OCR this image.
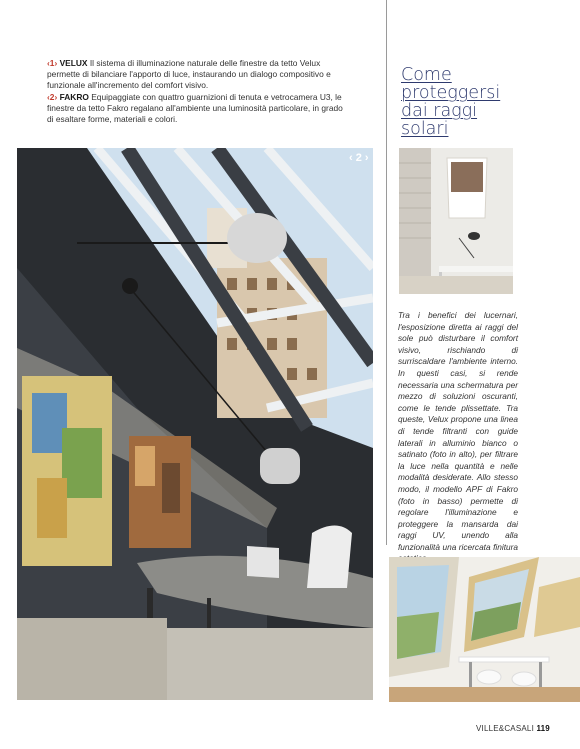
‹1› VELUX Il sistema di illuminazione naturale delle finestre da tetto Velux permette di bilanciare l'apporto di luce, instaurando un dialogo compositivo e funzionale all'incremento del comfort visivo.

‹2› FAKRO Equipaggiate con quattro guarnizioni di tenuta e vetrocamera U3, le finestre da tetto Fakro regalano all'ambiente una luminosità particolare, in grado di esaltare forme, materiali e colori.

‹ 2 ›
Come proteggersi dai raggi solari
Tra i benefici dei lucernari, l'esposizione diretta ai raggi del sole può disturbare il comfort visivo, rischiando di surriscaldare l'ambiente interno. In questi casi, si rende necessaria una schermatura per mezzo di soluzioni oscuranti, come le tende plissettate. Tra queste, Velux propone una linea di tende filtranti con guide laterali in alluminio bianco o satinato (foto in alto), per filtrare la luce nella quantità e nelle modalità desiderate. Allo stesso modo, il modello APF di Fakro (foto in basso) permette di regolare l'illuminazione e proteggere la mansarda dai raggi UV, unendo alla funzionalità una ricercata finitura
VILLE&CASALI 119
